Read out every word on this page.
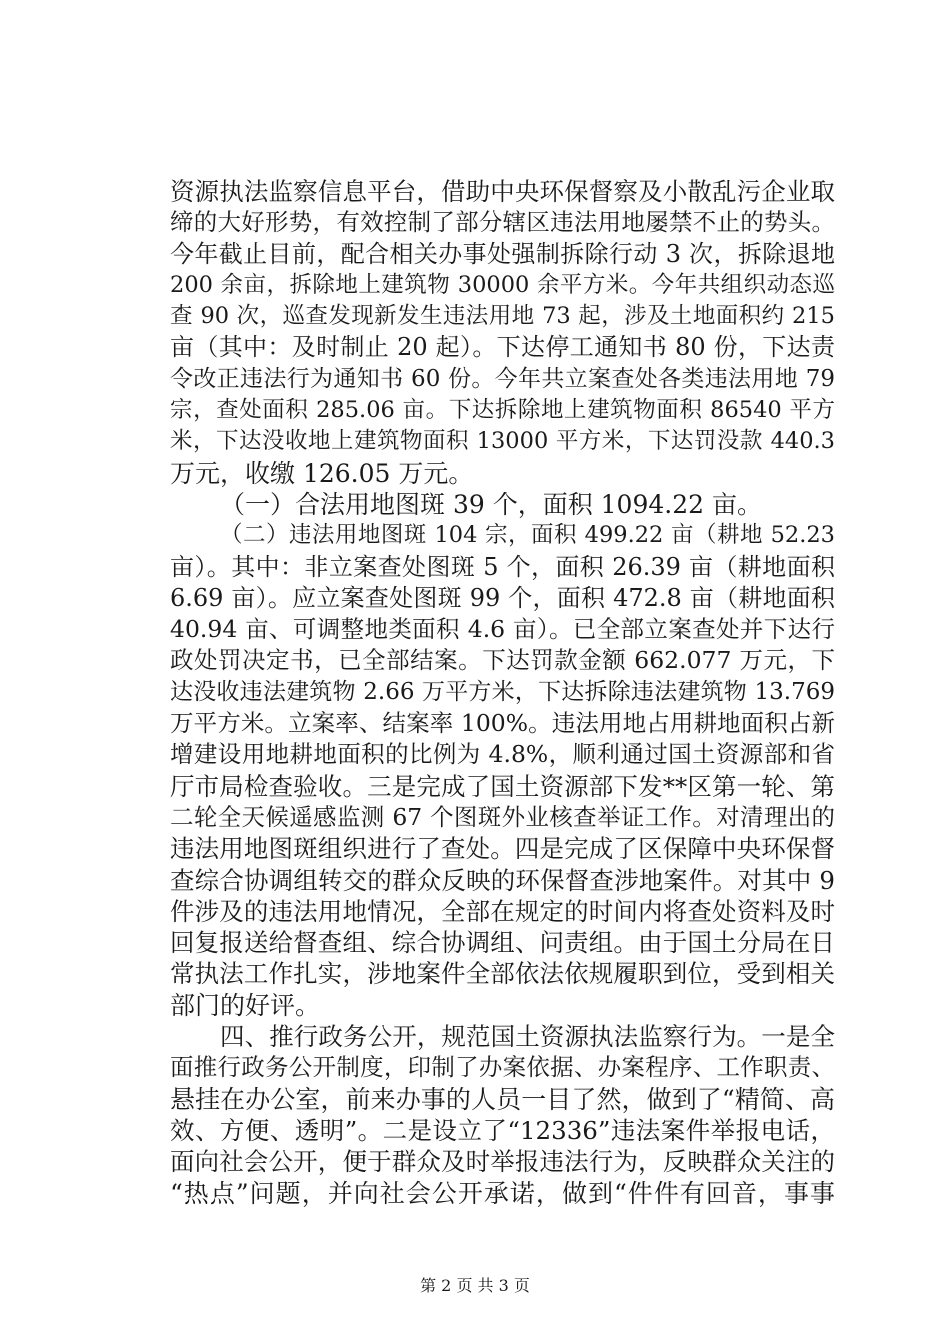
资源执法监察信息平台，借助中央环保督察及小散乱污企业取
缔的大好形势，有效控制了部分辖区违法用地屡禁不止的势头。
今年截止目前，配合相关办事处强制拆除行动 3 次，拆除退地
200 余亩，拆除地上建筑物 30000 余平方米。今年共组织动态巡
查 90 次，巡查发现新发生违法用地 73 起，涉及土地面积约 215
亩（其中：及时制止 20 起）。下达停工通知书 80 份，下达责
令改正违法行为通知书 60 份。今年共立案查处各类违法用地 79
宗，查处面积 285.06 亩。下达拆除地上建筑物面积 86540 平方
米，下达没收地上建筑物面积 13000 平方米，下达罚没款 440.3
万元，收缴 126.05 万元。
（一）合法用地图斑 39 个，面积 1094.22 亩。
（二）违法用地图斑 104 宗，面积 499.22 亩（耕地 52.23
亩）。其中：非立案查处图斑 5 个，面积 26.39 亩（耕地面积
6.69 亩）。应立案查处图斑 99 个，面积 472.8 亩（耕地面积
40.94 亩、可调整地类面积 4.6 亩）。已全部立案查处并下达行
政处罚决定书，已全部结案。下达罚款金额 662.077 万元，下
达没收违法建筑物 2.66 万平方米，下达拆除违法建筑物 13.769
万平方米。立案率、结案率 100%。违法用地占用耕地面积占新
增建设用地耕地面积的比例为 4.8%，顺利通过国土资源部和省
厅市局检查验收。三是完成了国土资源部下发**区第一轮、第
二轮全天候遥感监测 67 个图斑外业核查举证工作。对清理出的
违法用地图斑组织进行了查处。四是完成了区保障中央环保督
查综合协调组转交的群众反映的环保督查涉地案件。对其中 9
件涉及的违法用地情况，全部在规定的时间内将查处资料及时
回复报送给督查组、综合协调组、问责组。由于国土分局在日
常执法工作扎实，涉地案件全部依法依规履职到位，受到相关
部门的好评。
四、推行政务公开，规范国土资源执法监察行为。一是全
面推行政务公开制度，印制了办案依据、办案程序、工作职责、
悬挂在办公室，前来办事的人员一目了然，做到了“精简、高
效、方便、透明”。二是设立了“12336”违法案件举报电话，
面向社会公开，便于群众及时举报违法行为，反映群众关注的
“热点”问题，并向社会公开承诺，做到“件件有回音，事事
第 2 页 共 3 页
